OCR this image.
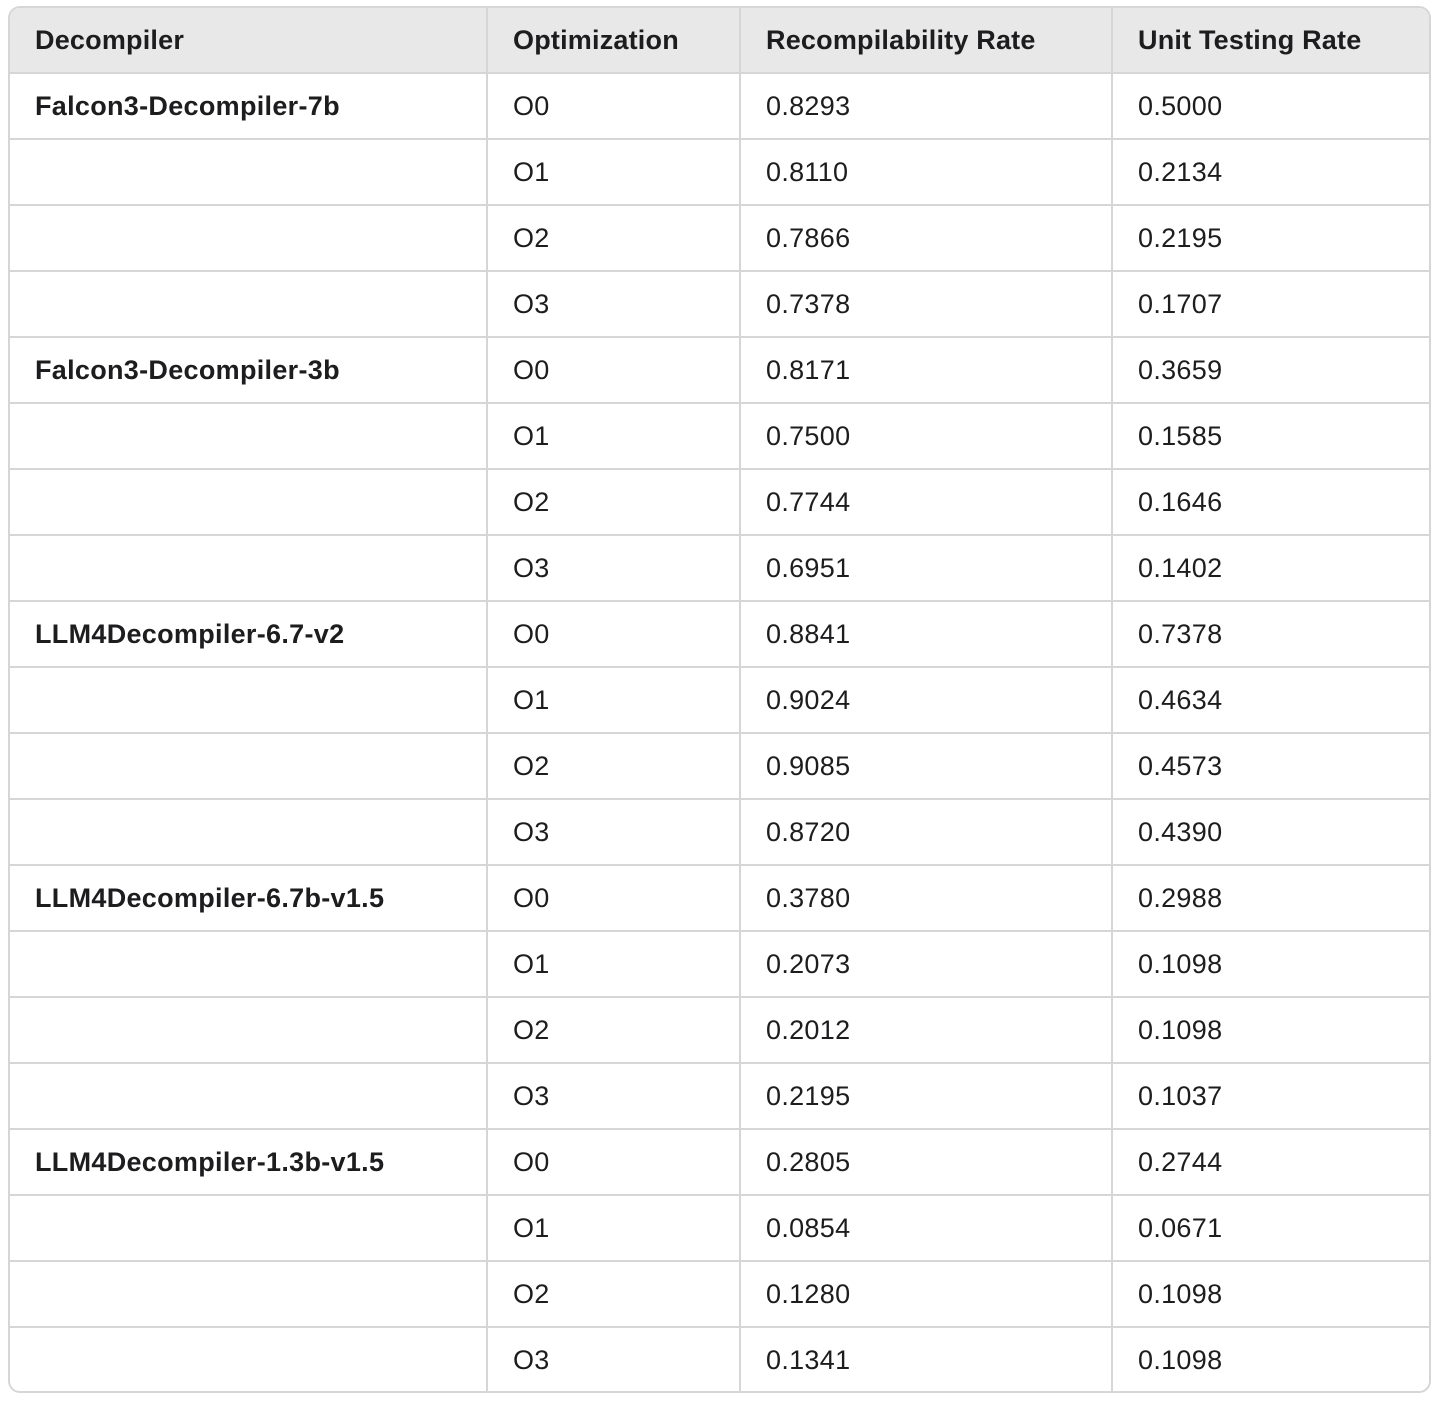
Decompiler	Optimization	Recompilability Rate	Unit Testing Rate
Falcon3-Decompiler-7b	O0	0.8293	0.5000
	O1	0.8110	0.2134
	O2	0.7866	0.2195
	O3	0.7378	0.1707
Falcon3-Decompiler-3b	O0	0.8171	0.3659
	O1	0.7500	0.1585
	O2	0.7744	0.1646
	O3	0.6951	0.1402
LLM4Decompiler-6.7-v2	O0	0.8841	0.7378
	O1	0.9024	0.4634
	O2	0.9085	0.4573
	O3	0.8720	0.4390
LLM4Decompiler-6.7b-v1.5	O0	0.3780	0.2988
	O1	0.2073	0.1098
	O2	0.2012	0.1098
	O3	0.2195	0.1037
LLM4Decompiler-1.3b-v1.5	O0	0.2805	0.2744
	O1	0.0854	0.0671
	O2	0.1280	0.1098
	O3	0.1341	0.1098
